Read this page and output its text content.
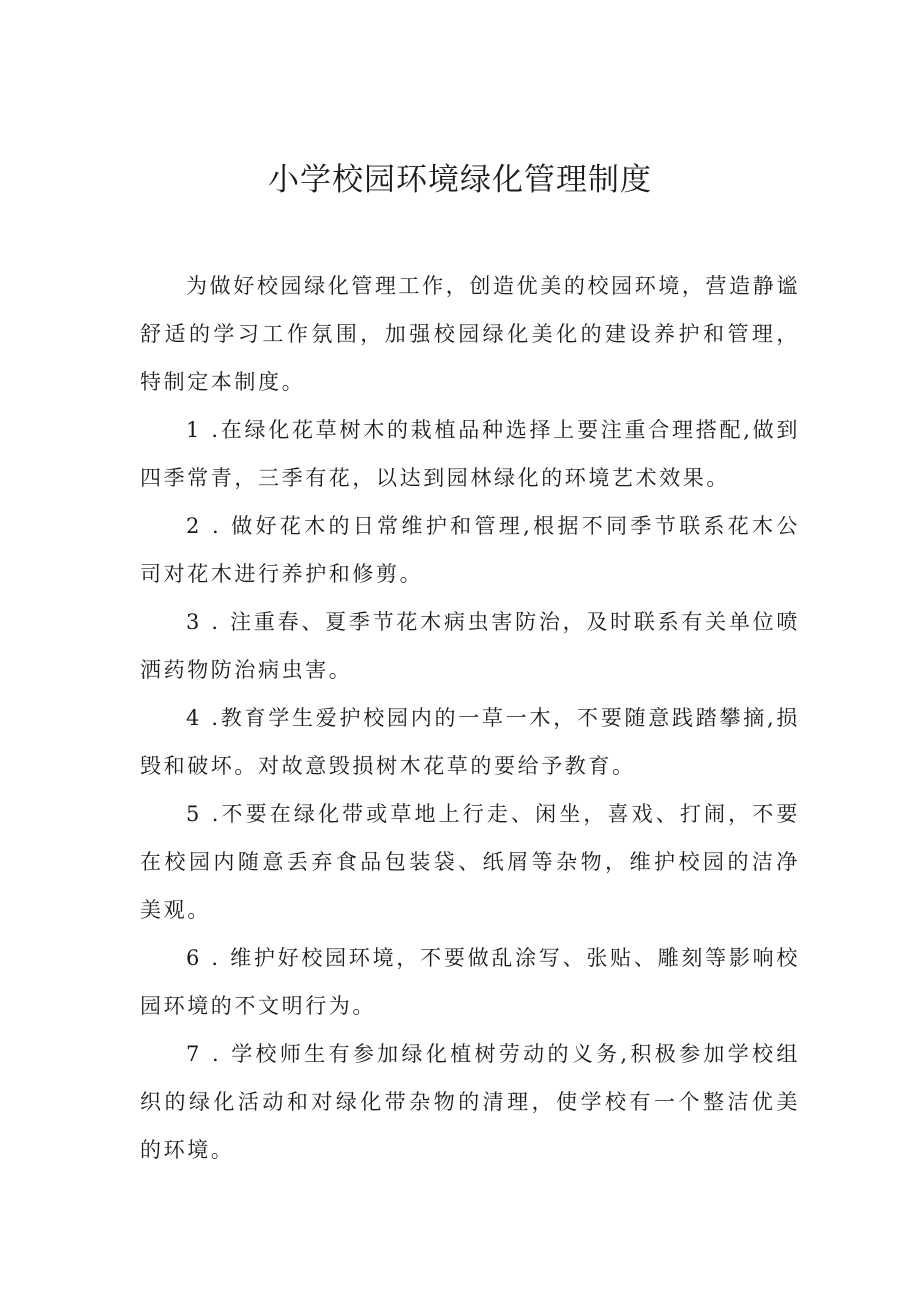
小学校园环境绿化管理制度

为做好校园绿化管理工作，创造优美的校园环境，营造静谧舒适的学习工作氛围，加强校园绿化美化的建设养护和管理，特制定本制度。

1 .在绿化花草树木的栽植品种选择上要注重合理搭配,做到四季常青，三季有花，以达到园林绿化的环境艺术效果。

2 . 做好花木的日常维护和管理,根据不同季节联系花木公司对花木进行养护和修剪。

3 . 注重春、夏季节花木病虫害防治，及时联系有关单位喷洒药物防治病虫害。

4 .教育学生爱护校园内的一草一木，不要随意践踏攀摘,损毁和破坏。对故意毁损树木花草的要给予教育。

5 .不要在绿化带或草地上行走、闲坐，喜戏、打闹，不要在校园内随意丢弃食品包装袋、纸屑等杂物，维护校园的洁净美观。

6 . 维护好校园环境，不要做乱涂写、张贴、雕刻等影响校园环境的不文明行为。

7 . 学校师生有参加绿化植树劳动的义务,积极参加学校组织的绿化活动和对绿化带杂物的清理，使学校有一个整洁优美的环境。
